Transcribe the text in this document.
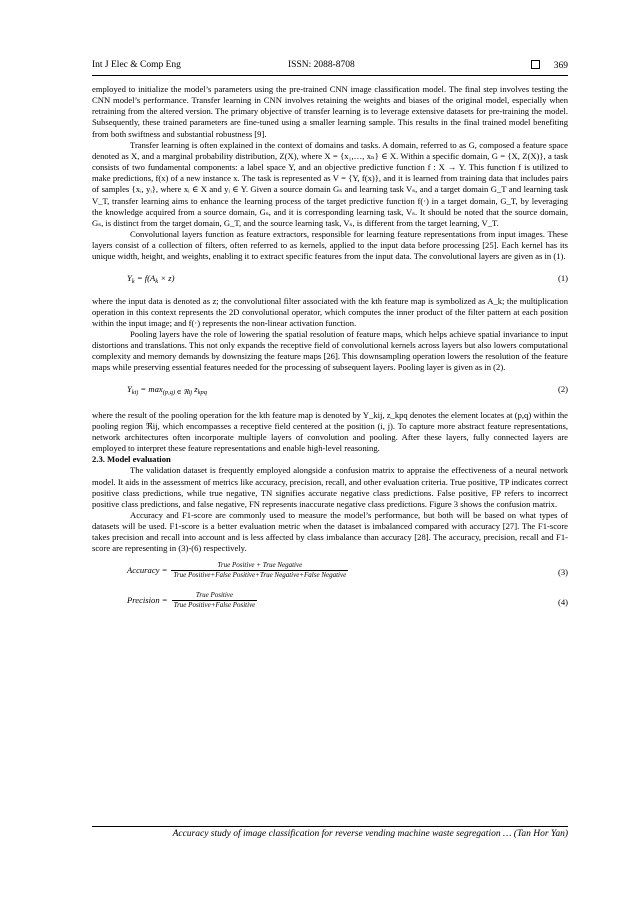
Int J Elec & Comp Eng	ISSN: 2088-8708	369

employed to initialize the model’s parameters using the pre-trained CNN image classification model. The final step involves testing the CNN model’s performance. Transfer learning in CNN involves retaining the weights and biases of the original model, especially when retraining from the altered version. The primary objective of transfer learning is to leverage extensive datasets for pre-training the model. Subsequently, these trained parameters are fine-tuned using a smaller learning sample. This results in the final trained model benefiting from both swiftness and substantial robustness [9].

Transfer learning is often explained in the context of domains and tasks. A domain, referred to as G, composed a feature space denoted as X, and a marginal probability distribution, Z(X), where X = {x₁,…, xₙ} ∈ X. Within a specific domain, G = {X, Z(X)}, a task consists of two fundamental components: a label space Y, and an objective predictive function f : X → Y. This function f is utilized to make predictions, f(x) of a new instance x. The task is represented as V = {Y, f(x)}, and it is learned from training data that includes pairs of samples {xᵢ, yᵢ}, where xᵢ ∈ X and yᵢ ∈ Y. Given a source domain Gₛ and learning task Vₛ, and a target domain G_T and learning task V_T, transfer learning aims to enhance the learning process of the target predictive function f(·) in a target domain, G_T, by leveraging the knowledge acquired from a source domain, Gₛ, and it is corresponding learning task, Vₛ. It should be noted that the source domain, Gₛ, is distinct from the target domain, G_T, and the source learning task, Vₛ, is different from the target learning, V_T.

Convolutional layers function as feature extractors, responsible for learning feature representations from input images. These layers consist of a collection of filters, often referred to as kernels, applied to the input data before processing [25]. Each kernel has its unique width, height, and weights, enabling it to extract specific features from the input data. The convolutional layers are given as in (1).

$Y_k = f(A_k \times z)$	(1)

where the input data is denoted as z; the convolutional filter associated with the kth feature map is symbolized as A_k; the multiplication operation in this context represents the 2D convolutional operator, which computes the inner product of the filter pattern at each position within the input image; and f(·) represents the non-linear activation function.

Pooling layers have the role of lowering the spatial resolution of feature maps, which helps achieve spatial invariance to input distortions and translations. This not only expands the receptive field of convolutional kernels across layers but also lowers computational complexity and memory demands by downsizing the feature maps [26]. This downsampling operation lowers the resolution of the feature maps while preserving essential features needed for the processing of subsequent layers. Pooling layer is given as in (2).

$Y_{kij} = \max_{(p,q) \in ℜij} z_{kpq}$	(2)

where the result of the pooling operation for the kth feature map is denoted by Y_kij, z_kpq denotes the element locates at (p,q) within the pooling region ℜij, which encompasses a receptive field centered at the position (i, j). To capture more abstract feature representations, network architectures often incorporate multiple layers of convolution and pooling. After these layers, fully connected layers are employed to interpret these feature representations and enable high-level reasoning.

2.3. Model evaluation

The validation dataset is frequently employed alongside a confusion matrix to appraise the effectiveness of a neural network model. It aids in the assessment of metrics like accuracy, precision, recall, and other evaluation criteria. True positive, TP indicates correct positive class predictions, while true negative, TN signifies accurate negative class predictions. False positive, FP refers to incorrect positive class predictions, and false negative, FN represents inaccurate negative class predictions. Figure 3 shows the confusion matrix.

Accuracy and F1-score are commonly used to measure the model’s performance, but both will be based on what types of datasets will be used. F1-score is a better evaluation metric when the dataset is imbalanced compared with accuracy [27]. The F1-score takes precision and recall into account and is less affected by class imbalance than accuracy [28]. The accuracy, precision, recall and F1-score are representing in (3)-(6) respectively.

Accuracy = $\frac{\text{True Positive + True Negative}}{\text{True Positive+False Positive+True Negative+False Negative}}$	(3)
Precision = $\frac{\text{True Positive}}{\text{True Positive+False Positive}}$	(4)
Accuracy study of image classification for reverse vending machine waste segregation … (Tan Hor Yan)
